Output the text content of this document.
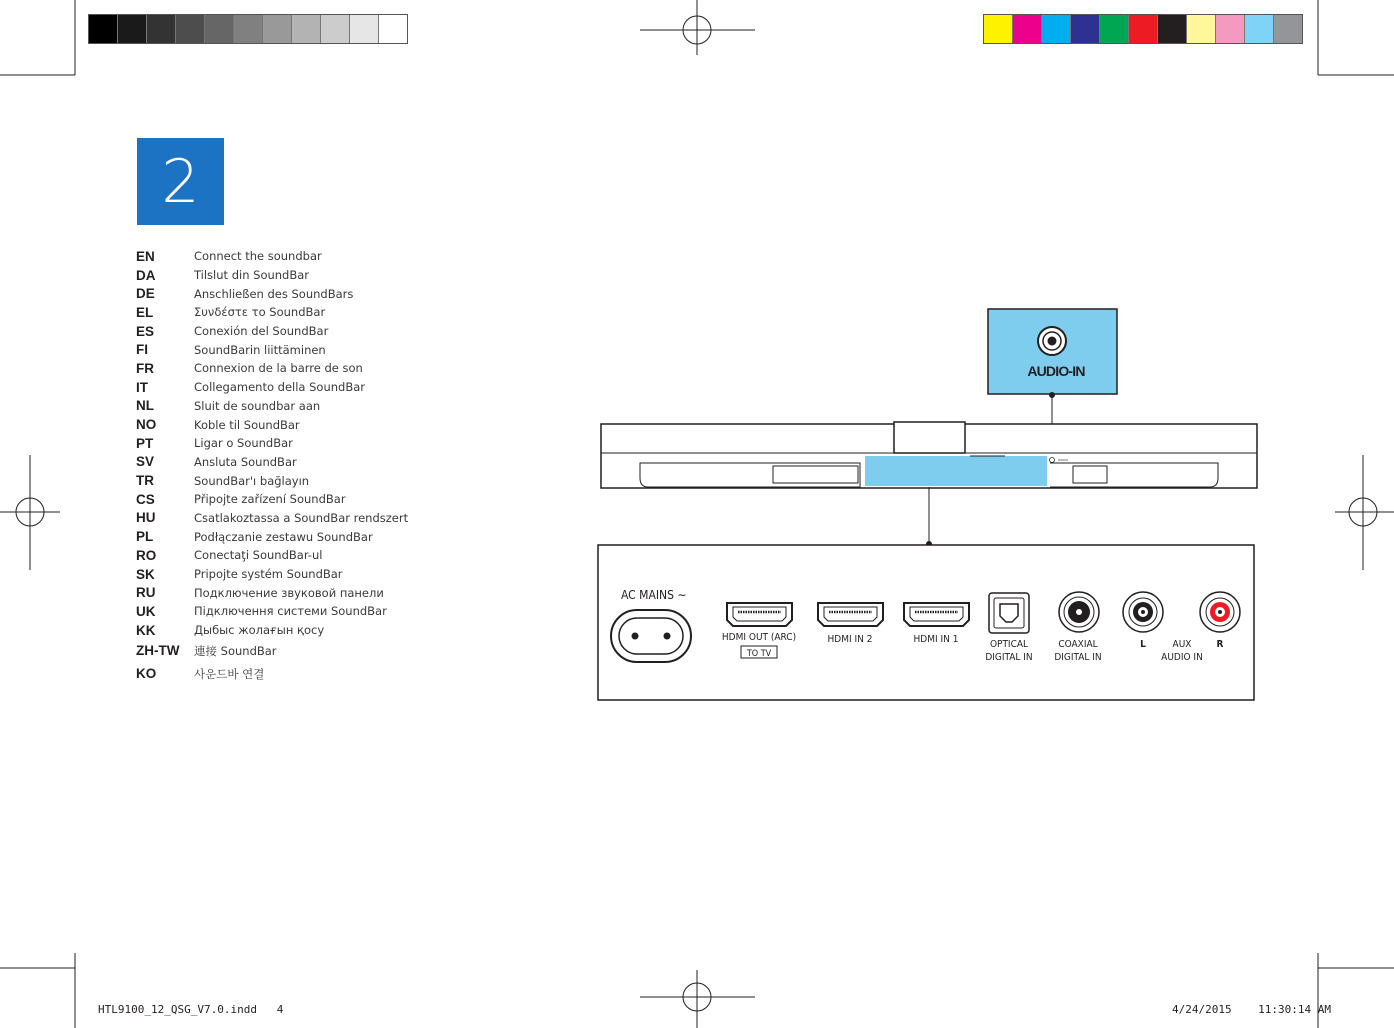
2
EN	Connect the soundbar
DA	Tilslut din SoundBar
DE	Anschließen des SoundBars
EL	Συνδέστε το SoundBar
ES	Conexión del SoundBar
FI	SoundBarin liittäminen
FR	Connexion de la barre de son
IT	Collegamento della SoundBar
NL	Sluit de soundbar aan
NO	Koble til SoundBar
PT	Ligar o SoundBar
SV	Ansluta SoundBar
TR	SoundBar'ı bağlayın
CS	Připojte zařízení SoundBar
HU	Csatlakoztassa a SoundBar rendszert
PL	Podłączanie zestawu SoundBar
RO	Conectaţi SoundBar-ul
SK	Pripojte systém SoundBar
RU	Подключение звуковой панели
UK	Підключення системи SoundBar
KK	Дыбыс жолағын қосу
ZH-TW	連接 SoundBar
KO	사운드바 연결
AUDIO-IN
AC MAINS ∼
HDMI OUT (ARC)
TO TV
HDMI IN 2	HDMI IN 1	OPTICAL
DIGITAL IN
COAXIAL
DIGITAL IN
L	R
AUX
AUDIO IN
HTL9100_12_QSG_V7.0.indd   4	4/24/2015    11:30:14 AM
